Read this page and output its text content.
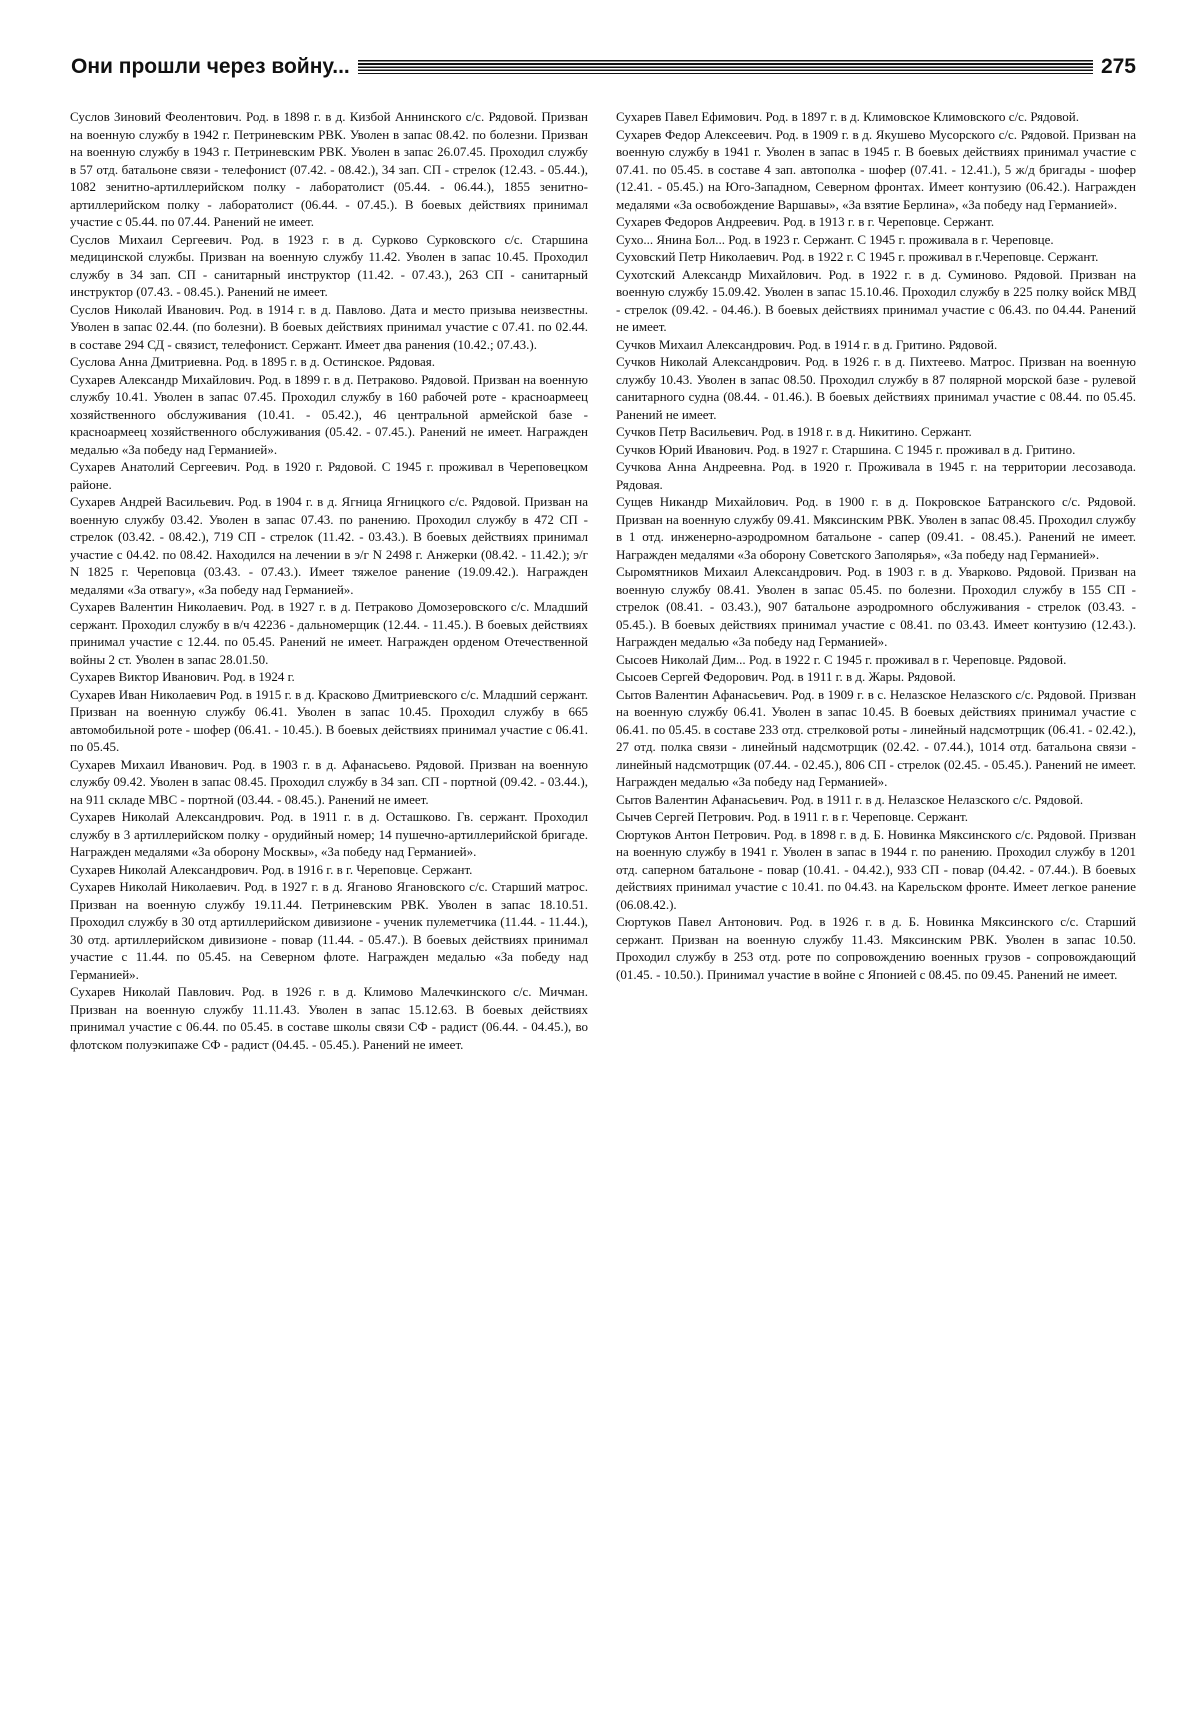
Они прошли через войну...	275

Суслов Зиновий Феолентович. Род. в 1898 г. в д. Кизбой Аннинского с/с. Рядовой. Призван на военную службу в 1942 г. Петриневским РВК. Уволен в запас 08.42. по болезни. Призван на военную службу в 1943 г. Петриневским РВК. Уволен в запас 26.07.45. Проходил службу в 57 отд. батальоне связи - телефонист (07.42. - 08.42.), 34 зап. СП - стрелок (12.43. - 05.44.), 1082 зенитно-артиллерийском полку - лаборатолист (05.44. - 06.44.), 1855 зенитно-артиллерийском полку - лаборатолист (06.44. - 07.45.). В боевых действиях принимал участие с 05.44. по 07.44. Ранений не имеет.

Суслов Михаил Сергеевич. Род. в 1923 г. в д. Сурково Сурковского с/с. Старшина медицинской службы. Призван на военную службу 11.42. Уволен в запас 10.45. Проходил службу в 34 зап. СП - санитарный инструктор (11.42. - 07.43.), 263 СП - санитарный инструктор (07.43. - 08.45.). Ранений не имеет.

Суслов Николай Иванович. Род. в 1914 г. в д. Павлово. Дата и место призыва неизвестны. Уволен в запас 02.44. (по болезни). В боевых действиях принимал участие с 07.41. по 02.44. в составе 294 СД - связист, телефонист. Сержант. Имеет два ранения (10.42.; 07.43.).

Суслова Анна Дмитриевна. Род. в 1895 г. в д. Остинское. Рядовая.

Сухарев Александр Михайлович. Род. в 1899 г. в д. Петраково. Рядовой. Призван на военную службу 10.41. Уволен в запас 07.45. Проходил службу в 160 рабочей роте - красноармеец хозяйственного обслуживания (10.41. - 05.42.), 46 центральной армейской базе - красноармеец хозяйственного обслуживания (05.42. - 07.45.). Ранений не имеет. Награжден медалью «За победу над Германией».

Сухарев Анатолий Сергеевич. Род. в 1920 г. Рядовой. С 1945 г. проживал в Череповецком районе.

Сухарев Андрей Васильевич. Род. в 1904 г. в д. Ягница Ягницкого с/с. Рядовой. Призван на военную службу 03.42. Уволен в запас 07.43. по ранению. Проходил службу в 472 СП - стрелок (03.42. - 08.42.), 719 СП - стрелок (11.42. - 03.43.). В боевых действиях принимал участие с 04.42. по 08.42. Находился на лечении в э/г N 2498 г. Анжерки (08.42. - 11.42.); э/г N 1825 г. Череповца (03.43. - 07.43.). Имеет тяжелое ранение (19.09.42.). Награжден медалями «За отвагу», «За победу над Германией».

Сухарев Валентин Николаевич. Род. в 1927 г. в д. Петраково Домозеровского с/с. Младший сержант. Проходил службу в в/ч 42236 - дальномерщик (12.44. - 11.45.). В боевых действиях принимал участие с 12.44. по 05.45. Ранений не имеет. Награжден орденом Отечественной войны 2 ст. Уволен в запас 28.01.50.

Сухарев Виктор Иванович. Род. в 1924 г.

Сухарев Иван Николаевич Род. в 1915 г. в д. Красково Дмитриевского с/с. Младший сержант. Призван на военную службу 06.41. Уволен в запас 10.45. Проходил службу в 665 автомобильной роте - шофер (06.41. - 10.45.). В боевых действиях принимал участие с 06.41. по 05.45.

Сухарев Михаил Иванович. Род. в 1903 г. в д. Афанасьево. Рядовой. Призван на военную службу 09.42. Уволен в запас 08.45. Проходил службу в 34 зап. СП - портной (09.42. - 03.44.), на 911 складе МВС - портной (03.44. - 08.45.). Ранений не имеет.

Сухарев Николай Александрович. Род. в 1911 г. в д. Осташково. Гв. сержант. Проходил службу в 3 артиллерийском полку - орудийный номер; 14 пушечно-артиллерийской бригаде. Награжден медалями «За оборону Москвы», «За победу над Германией».

Сухарев Николай Александрович. Род. в 1916 г. в г. Череповце. Сержант.

Сухарев Николай Николаевич. Род. в 1927 г. в д. Яганово Ягановского с/с. Старший матрос. Призван на военную службу 19.11.44. Петриневским РВК. Уволен в запас 18.10.51. Проходил службу в 30 отд артиллерийском дивизионе - ученик пулеметчика (11.44. - 11.44.), 30 отд. артиллерийском дивизионе - повар (11.44. - 05.47.). В боевых действиях принимал участие с 11.44. по 05.45. на Северном флоте. Награжден медалью «За победу над Германией».

Сухарев Николай Павлович. Род. в 1926 г. в д. Климово Малечкинского с/с. Мичман. Призван на военную службу 11.11.43. Уволен в запас 15.12.63. В боевых действиях принимал участие с 06.44. по 05.45. в составе школы связи СФ - радист (06.44. - 04.45.), во флотском полуэкипаже СФ - радист (04.45. - 05.45.). Ранений не имеет.

Сухарев Павел Ефимович. Род. в 1897 г. в д. Климовское Климовского с/с. Рядовой.

Сухарев Федор Алексеевич. Род. в 1909 г. в д. Якушево Мусорского с/с. Рядовой. Призван на военную службу в 1941 г. Уволен в запас в 1945 г. В боевых действиях принимал участие с 07.41. по 05.45. в составе 4 зап. автополка - шофер (07.41. - 12.41.), 5 ж/д бригады - шофер (12.41. - 05.45.) на Юго-Западном, Северном фронтах. Имеет контузию (06.42.). Награжден медалями «За освобождение Варшавы», «За взятие Берлина», «За победу над Германией».

Сухарев Федоров Андреевич. Род. в 1913 г. в г. Череповце. Сержант.

Сухо... Янина Бол... Род. в 1923 г. Сержант. С 1945 г. проживала в г. Череповце.

Суховский Петр Николаевич. Род. в 1922 г. С 1945 г. проживал в г.Череповце. Сержант.

Сухотский Александр Михайлович. Род. в 1922 г. в д. Суминово. Рядовой. Призван на военную службу 15.09.42. Уволен в запас 15.10.46. Проходил службу в 225 полку войск МВД - стрелок (09.42. - 04.46.). В боевых действиях принимал участие с 06.43. по 04.44. Ранений не имеет.

Сучков Михаил Александрович. Род. в 1914 г. в д. Гритино. Рядовой.

Сучков Николай Александрович. Род. в 1926 г. в д. Пихтеево. Матрос. Призван на военную службу 10.43. Уволен в запас 08.50. Проходил службу в 87 полярной морской базе - рулевой санитарного судна (08.44. - 01.46.). В боевых действиях принимал участие с 08.44. по 05.45. Ранений не имеет.

Сучков Петр Васильевич. Род. в 1918 г. в д. Никитино. Сержант.

Сучков Юрий Иванович. Род. в 1927 г. Старшина. С 1945 г. проживал в д. Гритино.

Сучкова Анна Андреевна. Род. в 1920 г. Проживала в 1945 г. на территории лесозавода. Рядовая.

Сущев Никандр Михайлович. Род. в 1900 г. в д. Покровское Батранского с/с. Рядовой. Призван на военную службу 09.41. Мяксинским РВК. Уволен в запас 08.45. Проходил службу в 1 отд. инженерно-аэродромном батальоне - сапер (09.41. - 08.45.). Ранений не имеет. Награжден медалями «За оборону Советского Заполярья», «За победу над Германией».

Сыромятников Михаил Александрович. Род. в 1903 г. в д. Уварково. Рядовой. Призван на военную службу 08.41. Уволен в запас 05.45. по болезни. Проходил службу в 155 СП - стрелок (08.41. - 03.43.), 907 батальоне аэродромного обслуживания - стрелок (03.43. - 05.45.). В боевых действиях принимал участие с 08.41. по 03.43. Имеет контузию (12.43.). Награжден медалью «За победу над Германией».

Сысоев Николай Дим... Род. в 1922 г. С 1945 г. проживал в г. Череповце. Рядовой.

Сысоев Сергей Федорович. Род. в 1911 г. в д. Жары. Рядовой.

Сытов Валентин Афанасьевич. Род. в 1909 г. в с. Нелазское Нелазского с/с. Рядовой. Призван на военную службу 06.41. Уволен в запас 10.45. В боевых действиях принимал участие с 06.41. по 05.45. в составе 233 отд. стрелковой роты - линейный надсмотрщик (06.41. - 02.42.), 27 отд. полка связи - линейный надсмотрщик (02.42. - 07.44.), 1014 отд. батальона связи - линейный надсмотрщик (07.44. - 02.45.), 806 СП - стрелок (02.45. - 05.45.). Ранений не имеет. Награжден медалью «За победу над Германией».

Сытов Валентин Афанасьевич. Род. в 1911 г. в д. Нелазское Нелазского с/с. Рядовой.

Сычев Сергей Петрович. Род. в 1911 г. в г. Череповце. Сержант.

Сюртуков Антон Петрович. Род. в 1898 г. в д. Б. Новинка Мяксинского с/с. Рядовой. Призван на военную службу в 1941 г. Уволен в запас в 1944 г. по ранению. Проходил службу в 1201 отд. саперном батальоне - повар (10.41. - 04.42.), 933 СП - повар (04.42. - 07.44.). В боевых действиях принимал участие с 10.41. по 04.43. на Карельском фронте. Имеет легкое ранение (06.08.42.).

Сюртуков Павел Антонович. Род. в 1926 г. в д. Б. Новинка Мяксинского с/с. Старший сержант. Призван на военную службу 11.43. Мяксинским РВК. Уволен в запас 10.50. Проходил службу в 253 отд. роте по сопровождению военных грузов - сопровождающий (01.45. - 10.50.). Принимал участие в войне с Японией с 08.45. по 09.45. Ранений не имеет.
